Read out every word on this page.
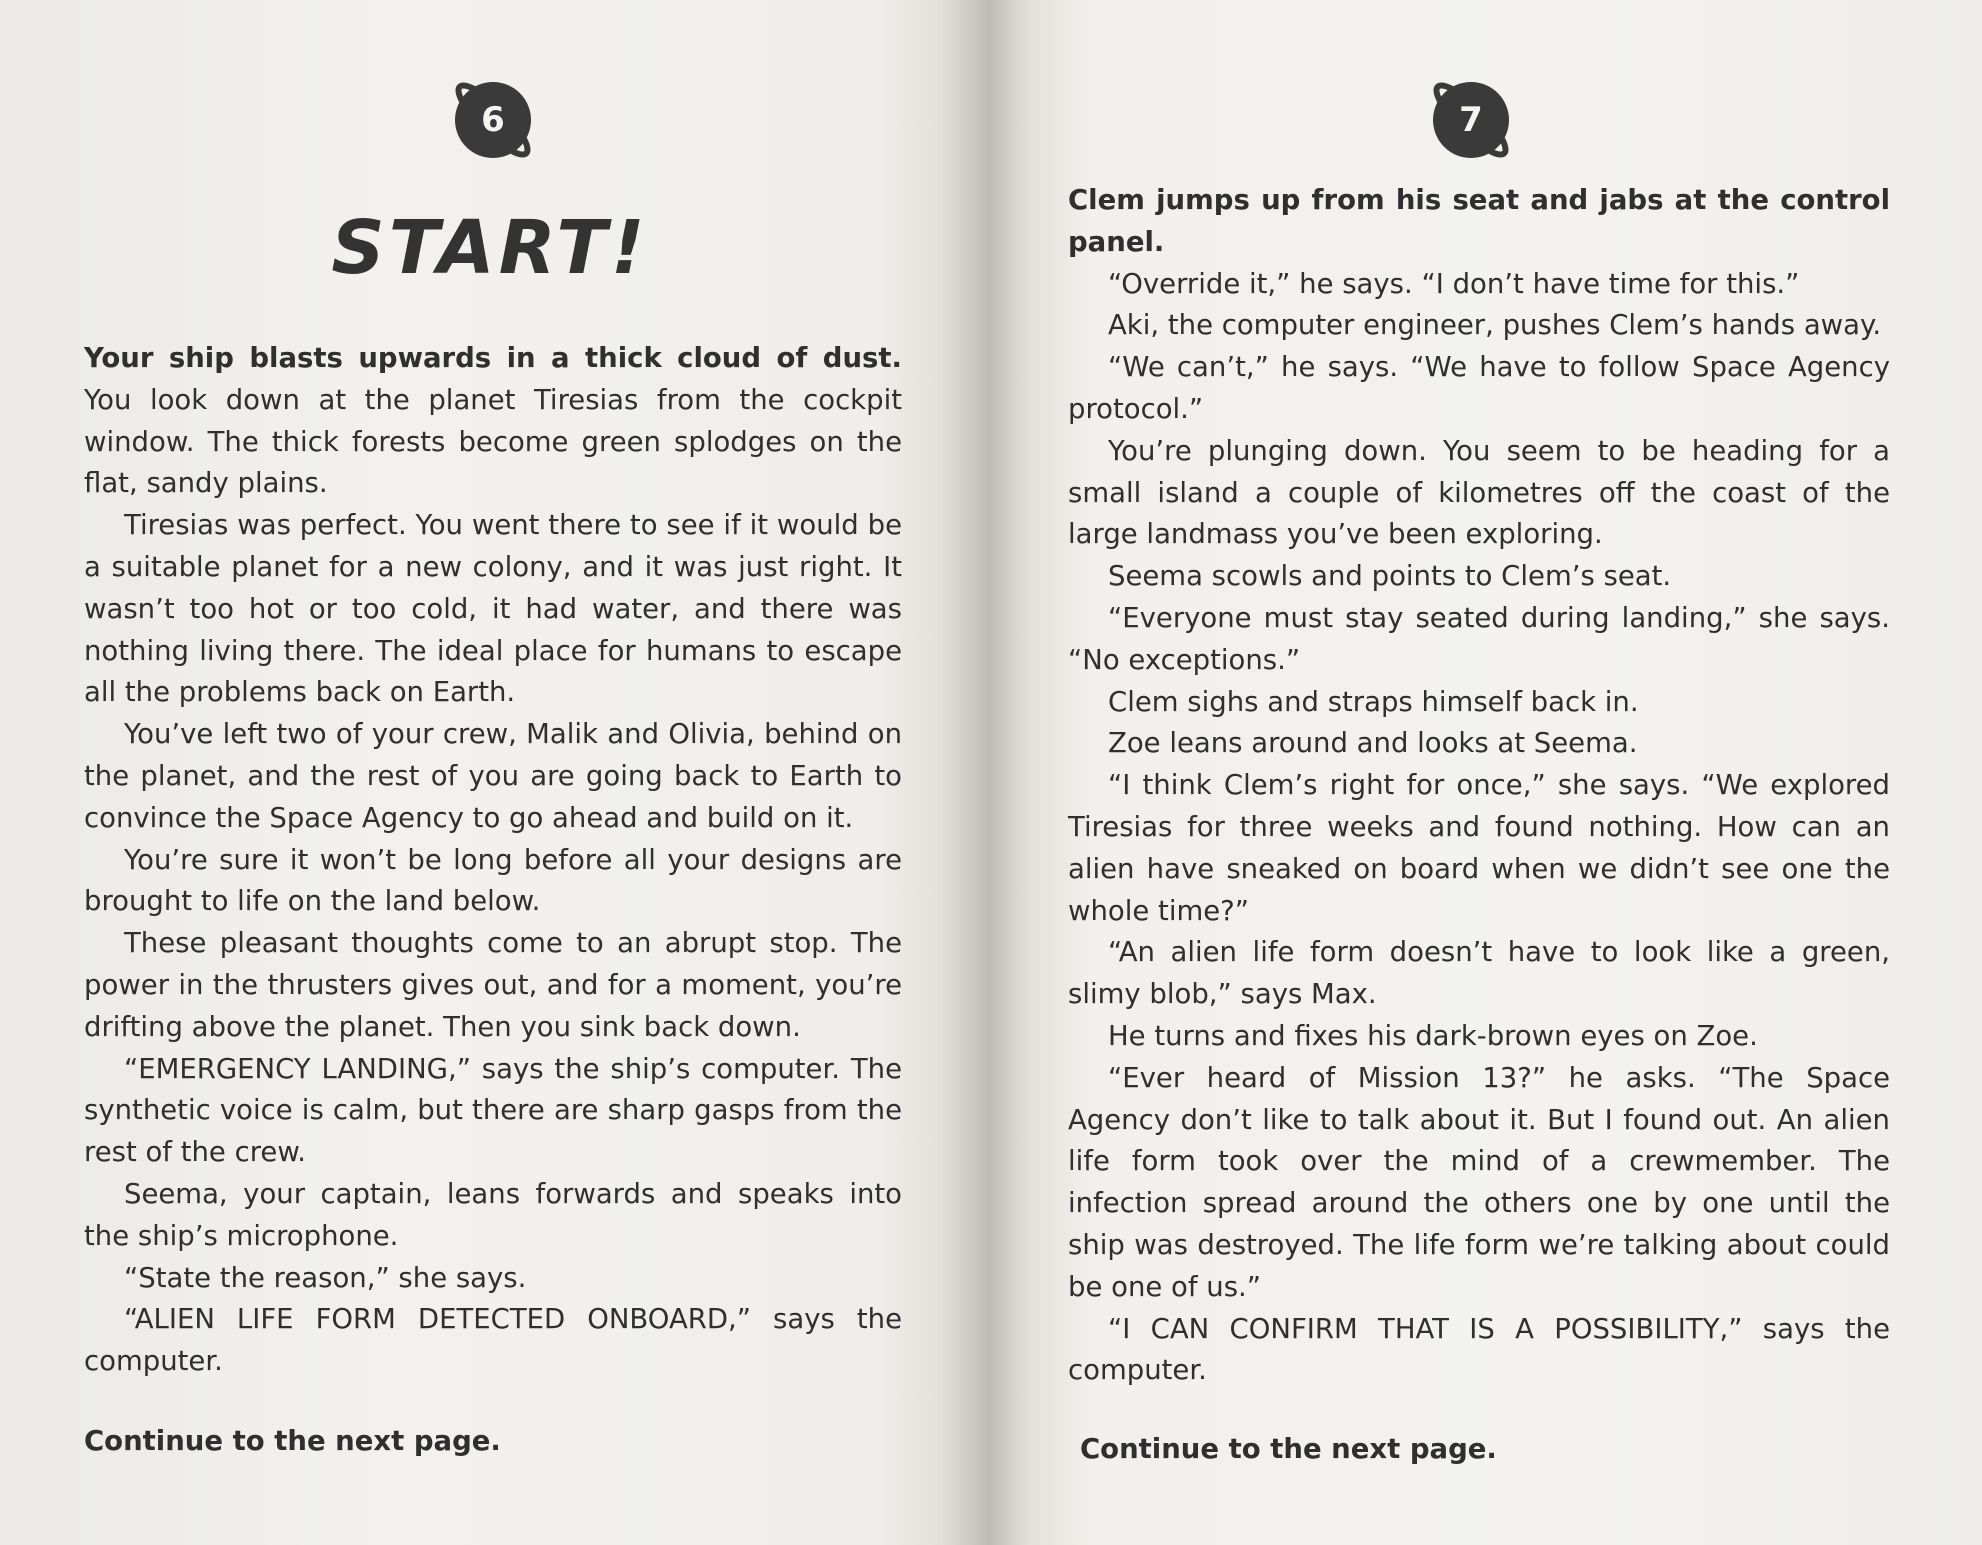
6
START!

Your ship blasts upwards in a thick cloud of dust. You look down at the planet Tiresias from the cockpit window. The thick forests become green splodges on the flat, sandy plains.

Tiresias was perfect. You went there to see if it would be a suitable planet for a new colony, and it was just right. It wasn’t too hot or too cold, it had water, and there was nothing living there. The ideal place for humans to escape all the problems back on Earth.

You’ve left two of your crew, Malik and Olivia, behind on the planet, and the rest of you are going back to Earth to convince the Space Agency to go ahead and build on it.

You’re sure it won’t be long before all your designs are brought to life on the land below.

These pleasant thoughts come to an abrupt stop. The power in the thrusters gives out, and for a moment, you’re drifting above the planet. Then you sink back down.

“EMERGENCY LANDING,” says the ship’s computer. The synthetic voice is calm, but there are sharp gasps from the rest of the crew.

Seema, your captain, leans forwards and speaks into the ship’s microphone.

“State the reason,” she says.

“ALIEN LIFE FORM DETECTED ONBOARD,” says the computer.

Continue to the next page.
7

Clem jumps up from his seat and jabs at the control panel.

“Override it,” he says. “I don’t have time for this.”

Aki, the computer engineer, pushes Clem’s hands away.

“We can’t,” he says. “We have to follow Space Agency protocol.”

You’re plunging down. You seem to be heading for a small island a couple of kilometres off the coast of the large landmass you’ve been exploring.

Seema scowls and points to Clem’s seat.

“Everyone must stay seated during landing,” she says. “No exceptions.”

Clem sighs and straps himself back in.

Zoe leans around and looks at Seema.

“I think Clem’s right for once,” she says. “We explored Tiresias for three weeks and found nothing. How can an alien have sneaked on board when we didn’t see one the whole time?”

“An alien life form doesn’t have to look like a green, slimy blob,” says Max.

He turns and fixes his dark-brown eyes on Zoe.

“Ever heard of Mission 13?” he asks. “The Space Agency don’t like to talk about it. But I found out. An alien life form took over the mind of a crewmember. The infection spread around the others one by one until the ship was destroyed. The life form we’re talking about could be one of us.”

“I CAN CONFIRM THAT IS A POSSIBILITY,” says the computer.

Continue to the next page.
